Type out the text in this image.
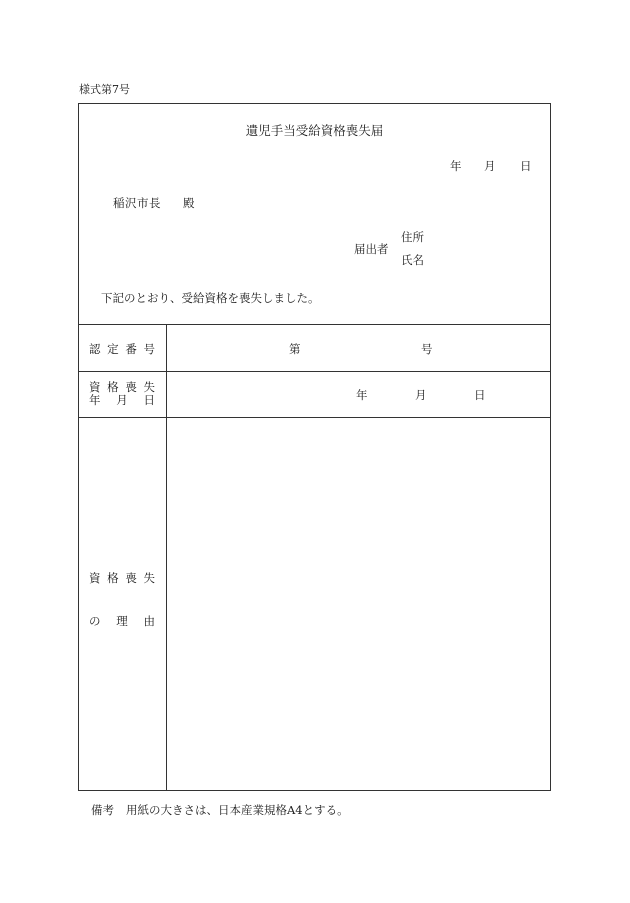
様式第7号
遺児手当受給資格喪失届
年 月 日
稲沢市長 殿
届出者
住所
氏名
下記のとおり、受給資格を喪失しました。
認定番号	第	号
資格喪失
年月日	年	月	日
資格喪失
の理由
備考 用紙の大きさは、日本産業規格A4とする。
